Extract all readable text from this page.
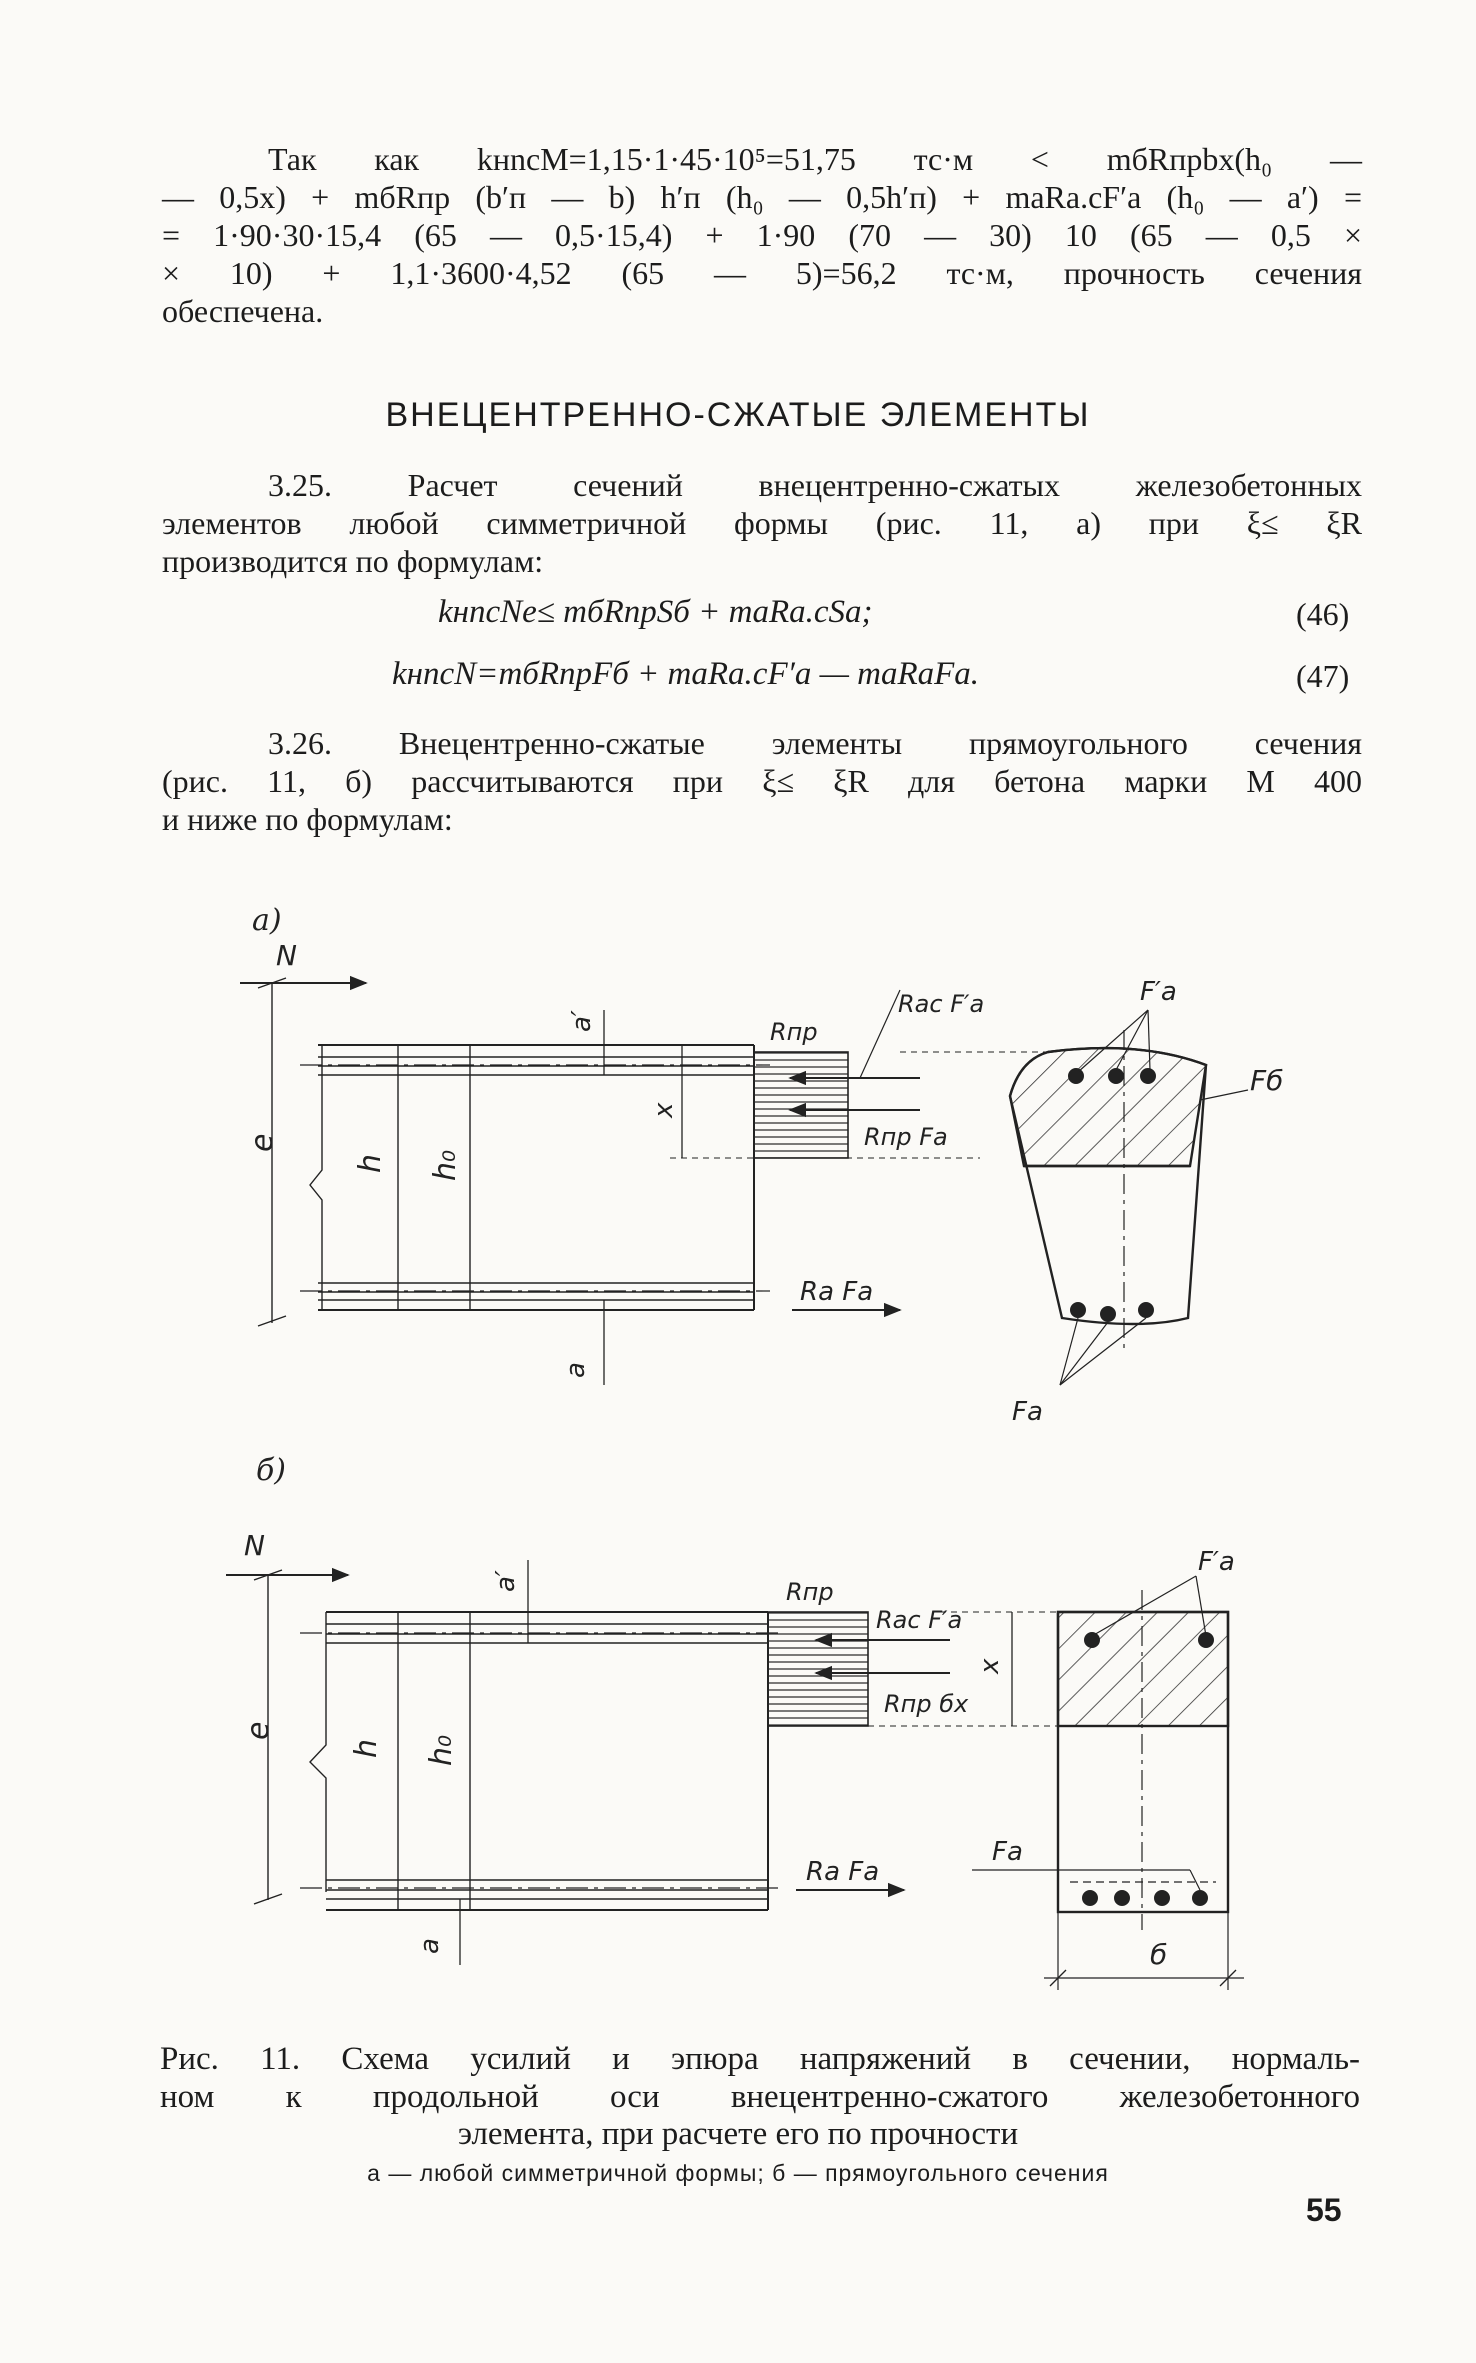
Так как kнncM=1,15·1·45·10⁵=51,75 тс·м < mбRпрbx(h₀ —
— 0,5x) + mбRпр (b′п — b) h′п (h₀ — 0,5h′п) + maRа.сF′а (h₀ — a′) =
= 1·90·30·15,4 (65 — 0,5·15,4) + 1·90 (70 — 30) 10 (65 — 0,5 ×
× 10) + 1,1·3600·4,52 (65 — 5)=56,2 тс·м, прочность сечения
обеспечена.
ВНЕЦЕНТРЕННО-СЖАТЫЕ ЭЛЕМЕНТЫ
3.25. Расчет сечений внецентренно-сжатых железобетонных
элементов любой симметричной формы (рис. 11, а) при ξ≤ ξR
производится по формулам:
kнncNe≤ mбRпрSб + maRа.сSа;	(46)
kнncN=mбRпрFб + maRа.сF′а — maRаFа.	(47)
3.26. Внецентренно-сжатые элементы прямоугольного сечения
(рис. 11, б) рассчитываются при ξ≤ ξR для бетона марки М 400
и ниже по формулам:
а)
N
e
h h₀
a′
x
a
Rпр
Rас F′а
Rпр Fа
Rа Fа
F′а
Fб
Fа
б)
N
e
h h₀
a′
a
Rпр
Rас F′а
Rпр бx
Rа Fа
x
F′а
Fа
б
Рис. 11. Схема усилий и эпюра напряжений в сечении, нормаль-
ном к продольной оси внецентренно-сжатого железобетонного
элемента, при расчете его по прочности
а — любой симметричной формы; б — прямоугольного сечения
55
